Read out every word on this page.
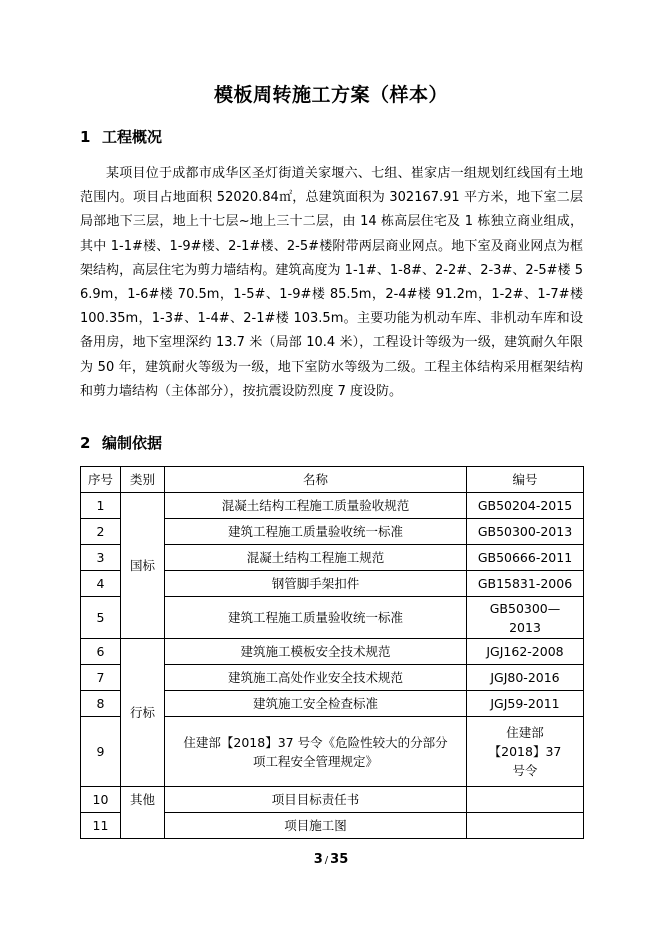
模板周转施工方案（样本）
1 工程概况
某项目位于成都市成华区圣灯街道关家堰六、七组、崔家店一组规划红线国有土地范围内。项目占地面积 52020.84㎡，总建筑面积为 302167.91 平方米，地下室二层局部地下三层，地上十七层~地上三十二层，由 14 栋高层住宅及 1 栋独立商业组成，其中 1-1#楼、1-9#楼、2-1#楼、2-5#楼附带两层商业网点。地下室及商业网点为框架结构，高层住宅为剪力墙结构。建筑高度为 1-1#、1-8#、2-2#、2-3#、2-5#楼 56.9m，1-6#楼 70.5m，1-5#、1-9#楼 85.5m，2-4#楼 91.2m，1-2#、1-7#楼 100.35m，1-3#、1-4#、2-1#楼 103.5m。主要功能为机动车库、非机动车库和设备用房，地下室埋深约 13.7 米（局部 10.4 米），工程设计等级为一级，建筑耐久年限为 50 年，建筑耐火等级为一级，地下室防水等级为二级。工程主体结构采用框架结构和剪力墙结构（主体部分），按抗震设防烈度 7 度设防。
2 编制依据
序号	类别	名称	编号
1	国标	混凝土结构工程施工质量验收规范	GB50204-2015
2		建筑工程施工质量验收统一标准	GB50300-2013
3		混凝土结构工程施工规范	GB50666-2011
4		钢管脚手架扣件	GB15831-2006
5		建筑工程施工质量验收统一标准	GB50300—2013
6	行标	建筑施工模板安全技术规范	JGJ162-2008
7		建筑施工高处作业安全技术规范	JGJ80-2016
8		建筑施工安全检查标准	JGJ59-2011
9		住建部【2018】37 号令《危险性较大的分部分项工程安全管理规定》	住建部【2018】37 号令
10	其他	项目目标责任书	
11		项目施工图	
3 / 35
